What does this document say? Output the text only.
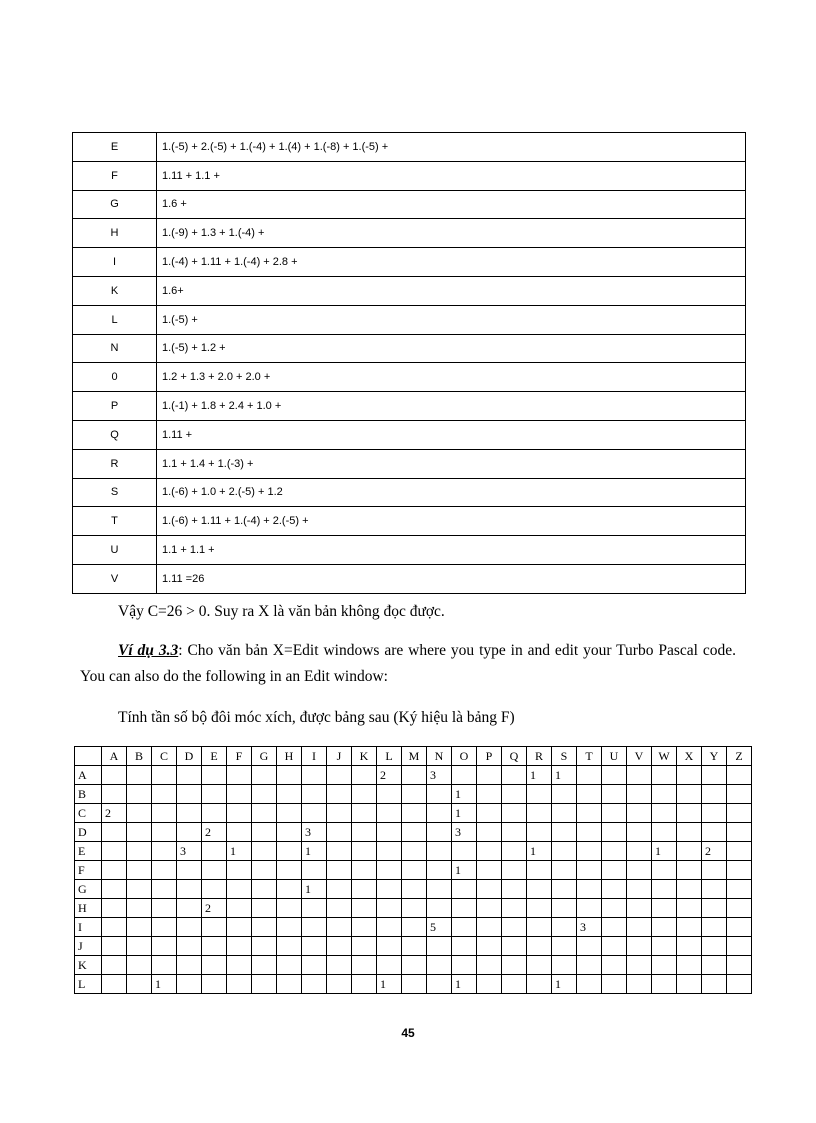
E	1.(-5) + 2.(-5) + 1.(-4) + 1.(4) + 1.(-8) + 1.(-5) +
F	1.11 + 1.1 +
G	1.6 +
H	1.(-9) + 1.3 + 1.(-4) +
I	1.(-4) + 1.11 + 1.(-4) + 2.8 +
K	1.6+
L	1.(-5) +
N	1.(-5) + 1.2 +
0	1.2 + 1.3 + 2.0 + 2.0 +
P	1.(-1) + 1.8 + 2.4 + 1.0 +
Q	1.11 +
R	1.1 + 1.4 + 1.(-3) +
S	1.(-6) + 1.0 + 2.(-5) + 1.2
T	1.(-6) + 1.11 + 1.(-4) + 2.(-5) +
U	1.1 + 1.1 +
V	1.11 =26
Vậy C=26 > 0. Suy ra X là văn bản không đọc được.
Ví dụ 3.3: Cho văn bản X=Edit windows are where you type in and edit your Turbo Pascal code. You can also do the following in an Edit window:
Tính tần số bộ đôi móc xích, được bảng sau (Ký hiệu là bảng F)
	A	B	C	D	E	F	G	H	I	J	K	L	M	N	O	P	Q	R	S	T	U	V	W	X	Y	Z
A												2		3				1	1							
B															1											
C	2														1											
D					2				3						3											
E				3		1			1									1					1		2	
F															1											
G									1																	
H					2																					
I														5						3						
J																										
K																										
L			1									1			1				1							
45
